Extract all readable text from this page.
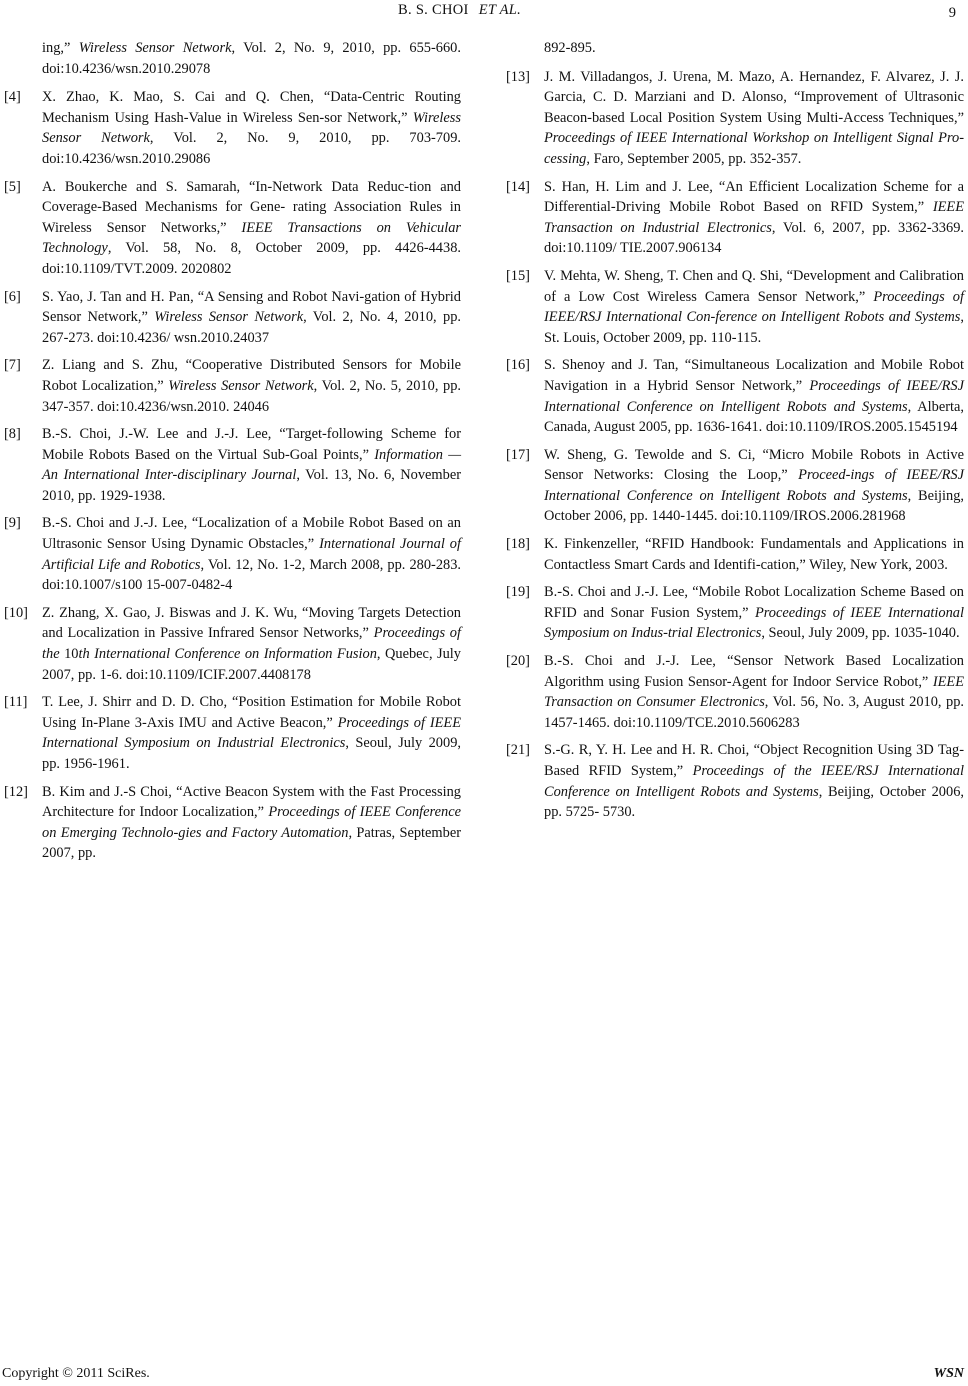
B. S. CHOI ET AL.	9
ing,” Wireless Sensor Network, Vol. 2, No. 9, 2010, pp. 655-660. doi:10.4236/wsn.2010.29078
[4] X. Zhao, K. Mao, S. Cai and Q. Chen, “Data-Centric Routing Mechanism Using Hash-Value in Wireless Sen-sor Network,” Wireless Sensor Network, Vol. 2, No. 9, 2010, pp. 703-709. doi:10.4236/wsn.2010.29086
[5] A. Boukerche and S. Samarah, “In-Network Data Reduc-tion and Coverage-Based Mechanisms for Gene- rating Association Rules in Wireless Sensor Networks,” IEEE Transactions on Vehicular Technology, Vol. 58, No. 8, October 2009, pp. 4426-4438. doi:10.1109/TVT.2009. 2020802
[6] S. Yao, J. Tan and H. Pan, “A Sensing and Robot Navi-gation of Hybrid Sensor Network,” Wireless Sensor Network, Vol. 2, No. 4, 2010, pp. 267-273. doi:10.4236/ wsn.2010.24037
[7] Z. Liang and S. Zhu, “Cooperative Distributed Sensors for Mobile Robot Localization,” Wireless Sensor Network, Vol. 2, No. 5, 2010, pp. 347-357. doi:10.4236/wsn.2010. 24046
[8] B.-S. Choi, J.-W. Lee and J.-J. Lee, “Target-following Scheme for Mobile Robots Based on the Virtual Sub-Goal Points,” Information — An International Inter-disciplinary Journal, Vol. 13, No. 6, November 2010, pp. 1929-1938.
[9] B.-S. Choi and J.-J. Lee, “Localization of a Mobile Robot Based on an Ultrasonic Sensor Using Dynamic Obstacles,” International Journal of Artificial Life and Robotics, Vol. 12, No. 1-2, March 2008, pp. 280-283. doi:10.1007/s100 15-007-0482-4
[10] Z. Zhang, X. Gao, J. Biswas and J. K. Wu, “Moving Targets Detection and Localization in Passive Infrared Sensor Networks,” Proceedings of the 10th International Conference on Information Fusion, Quebec, July 2007, pp. 1-6. doi:10.1109/ICIF.2007.4408178
[11] T. Lee, J. Shirr and D. D. Cho, “Position Estimation for Mobile Robot Using In-Plane 3-Axis IMU and Active Beacon,” Proceedings of IEEE International Symposium on Industrial Electronics, Seoul, July 2009, pp. 1956-1961.
[12] B. Kim and J.-S Choi, “Active Beacon System with the Fast Processing Architecture for Indoor Localization,” Proceedings of IEEE Conference on Emerging Technolo-gies and Factory Automation, Patras, September 2007, pp.
892-895.
[13] J. M. Villadangos, J. Urena, M. Mazo, A. Hernandez, F. Alvarez, J. J. Garcia, C. D. Marziani and D. Alonso, “Improvement of Ultrasonic Beacon-based Local Position System Using Multi-Access Techniques,” Proceedings of IEEE International Workshop on Intelligent Signal Pro-cessing, Faro, September 2005, pp. 352-357.
[14] S. Han, H. Lim and J. Lee, “An Efficient Localization Scheme for a Differential-Driving Mobile Robot Based on RFID System,” IEEE Transaction on Industrial Electronics, Vol. 6, 2007, pp. 3362-3369. doi:10.1109/ TIE.2007.906134
[15] V. Mehta, W. Sheng, T. Chen and Q. Shi, “Development and Calibration of a Low Cost Wireless Camera Sensor Network,” Proceedings of IEEE/RSJ International Con-ference on Intelligent Robots and Systems, St. Louis, October 2009, pp. 110-115.
[16] S. Shenoy and J. Tan, “Simultaneous Localization and Mobile Robot Navigation in a Hybrid Sensor Network,” Proceedings of IEEE/RSJ International Conference on Intelligent Robots and Systems, Alberta, Canada, August 2005, pp. 1636-1641. doi:10.1109/IROS.2005.1545194
[17] W. Sheng, G. Tewolde and S. Ci, “Micro Mobile Robots in Active Sensor Networks: Closing the Loop,” Proceed-ings of IEEE/RSJ International Conference on Intelligent Robots and Systems, Beijing, October 2006, pp. 1440-1445. doi:10.1109/IROS.2006.281968
[18] K. Finkenzeller, “RFID Handbook: Fundamentals and Applications in Contactless Smart Cards and Identifi-cation,” Wiley, New York, 2003.
[19] B.-S. Choi and J.-J. Lee, “Mobile Robot Localization Scheme Based on RFID and Sonar Fusion System,” Proceedings of IEEE International Symposium on Indus-trial Electronics, Seoul, July 2009, pp. 1035-1040.
[20] B.-S. Choi and J.-J. Lee, “Sensor Network Based Localization Algorithm using Fusion Sensor-Agent for Indoor Service Robot,” IEEE Transaction on Consumer Electronics, Vol. 56, No. 3, August 2010, pp. 1457-1465. doi:10.1109/TCE.2010.5606283
[21] S.-G. R, Y. H. Lee and H. R. Choi, “Object Recognition Using 3D Tag-Based RFID System,” Proceedings of the IEEE/RSJ International Conference on Intelligent Robots and Systems, Beijing, October 2006, pp. 5725- 5730.
Copyright © 2011 SciRes.	WSN
